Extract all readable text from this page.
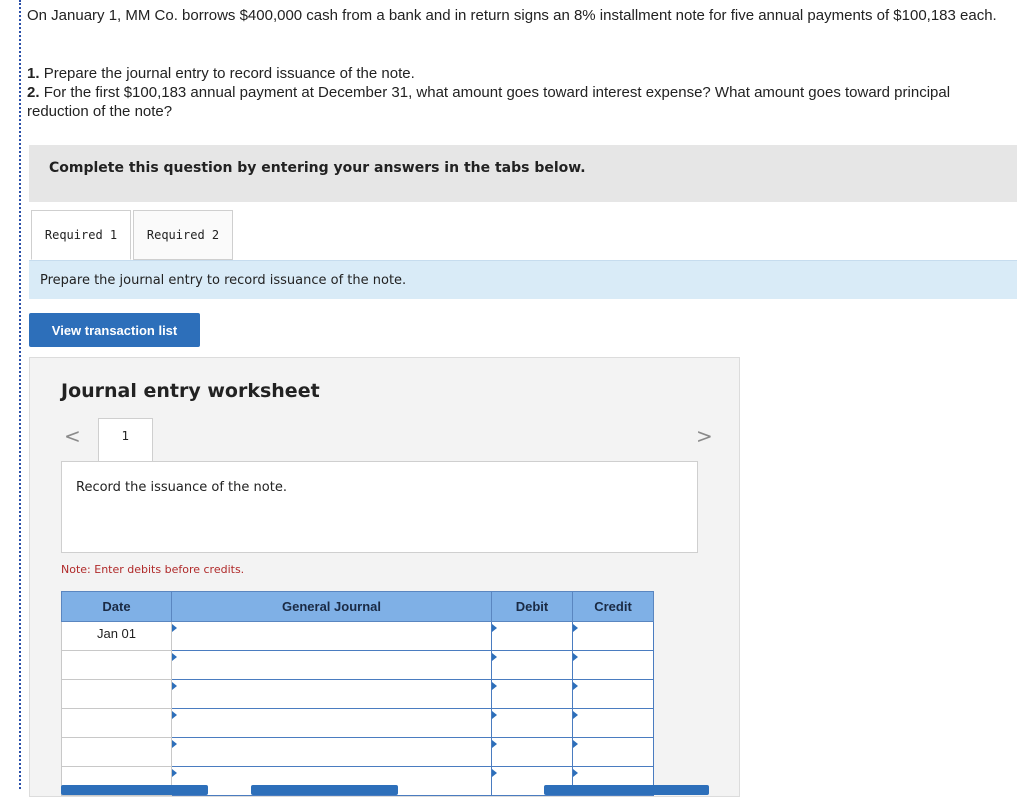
On January 1, MM Co. borrows $400,000 cash from a bank and in return signs an 8% installment note for five annual payments of $100,183 each.

1. Prepare the journal entry to record issuance of the note.
2. For the first $100,183 annual payment at December 31, what amount goes toward interest expense? What amount goes toward principal reduction of the note?
Complete this question by entering your answers in the tabs below.
Required 1	Required 2
Prepare the journal entry to record issuance of the note.
View transaction list
Journal entry worksheet
<	1	>
Record the issuance of the note.
Note: Enter debits before credits.
Date	General Journal	Debit	Credit
Jan 01			
